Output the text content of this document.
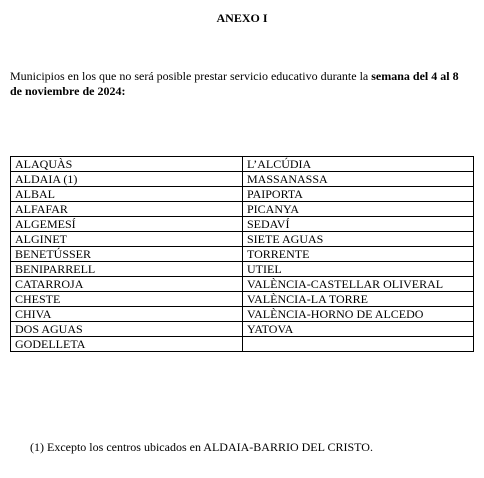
ANEXO I
Municipios en los que no será posible prestar servicio educativo durante la semana del 4 al 8 de noviembre de 2024:
ALAQUÀS	L’ALCÚDIA
ALDAIA (1)	MASSANASSA
ALBAL	PAIPORTA
ALFAFAR	PICANYA
ALGEMESÍ	SEDAVÍ
ALGINET	SIETE AGUAS
BENETÚSSER	TORRENTE
BENIPARRELL	UTIEL
CATARROJA	VALÈNCIA-CASTELLAR OLIVERAL
CHESTE	VALÈNCIA-LA TORRE
CHIVA	VALÈNCIA-HORNO DE ALCEDO
DOS AGUAS	YATOVA
GODELLETA	
(1) Excepto los centros ubicados en ALDAIA-BARRIO DEL CRISTO.
